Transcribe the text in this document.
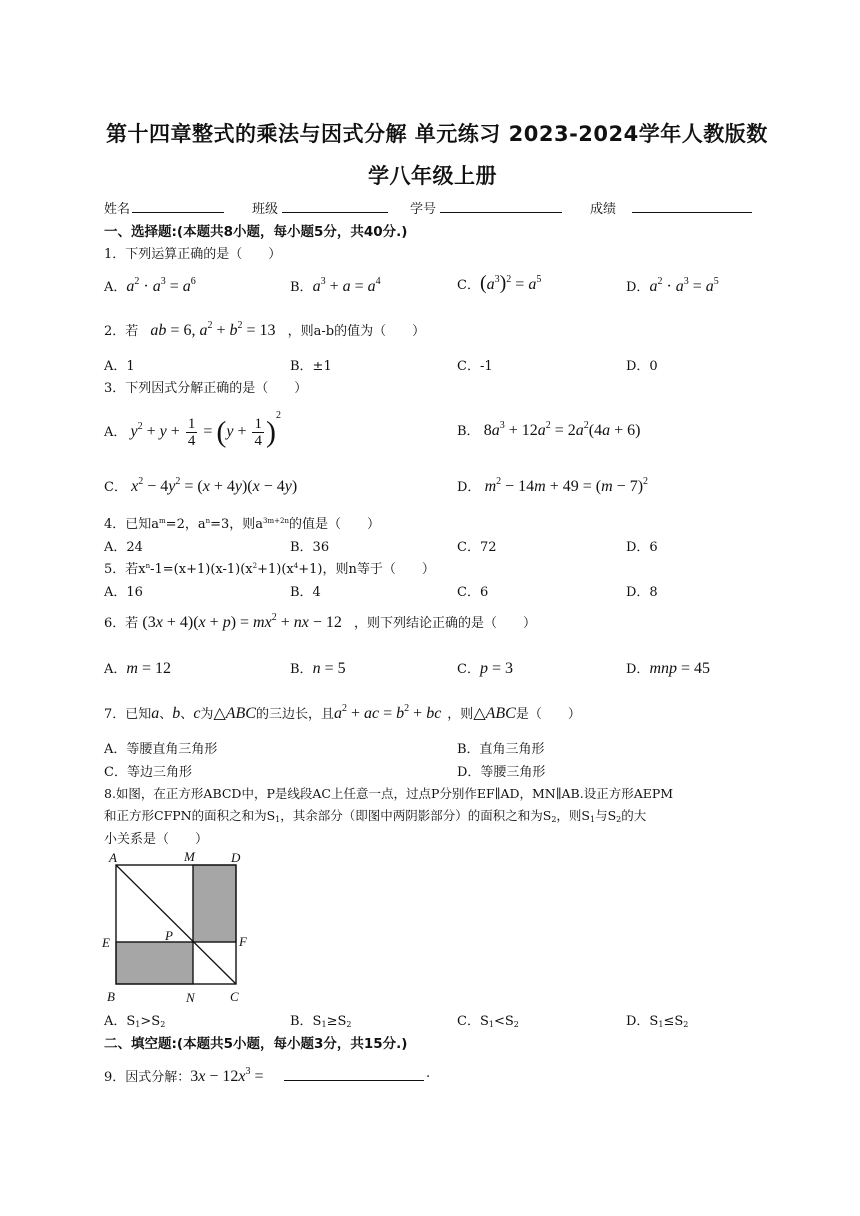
第十四章整式的乘法与因式分解 单元练习 2023-2024学年人教版数
学八年级上册
姓名	班级	学号	成绩
一、选择题:(本题共8小题，每小题5分，共40分.)
1．下列运算正确的是（　　）
A．$a^2 \cdot a^3 = a^6$	B．$a^3 + a = a^4$	C．$(a^3)^2 = a^5$
D．$a^2 \cdot a^3 = a^5$
2．若 ab = 6, $a^2 + b^2 = 13$ ，则a-b的值为（　　）
A．1	B．±1	C．-1	D．0
3．下列因式分解正确的是（　　）
A． $y^2 + y + \frac{1}{4} = (y + \frac{1}{4} )^2$
B． $8a^3 + 12a^2 = 2a^2(4a + 6)$
C． $x^2 - 4y^2 = (x + 4y)(x - 4y)$	D． $m^2 - 14m + 49 = (m - 7)^2$
4．已知$a^m=2$，$a^n=3$，则$a^{3m+2n}$的值是（　　）
A．24	B．36	C．72	D．6
5．若$x^n-1=(x+1)(x-1)(x^2+1)(x^4+1)$，则n等于（　　）
A．16	B．4	C．6	D．8
6．若 $(3x + 4)(x + p) = mx^2$ + nx − 12 ，则下列结论正确的是（　　）
A．m = 12	B．n = 5	C．p = 3	D．mnp = 45
7．已知a、b、c为△ABC的三边长，且$a^2$ + ac = $b^2$ + bc ，则△ABC是（　　）
A．等腰直角三角形	B．直角三角形
C．等边三角形	D．等腰三角形
8.如图，在正方形ABCD中，P是线段AC上任意一点，过点P分别作EF∥AD，MN∥AB.设正方形AEPM
和正方形CFPN的面积之和为$S_1$，其余部分（即图中两阴影部分）的面积之和为$S_2$，则$S_1$与$S_2$的大
小关系是（　　）
A	M	D
E	P	F
B	N	C
A．$S_1>S_2$	B．$S_1\ge S_2$	C．$S_1<S_2$	D．$S_1\le S_2$
二、填空题:(本题共5小题，每小题3分，共15分.)
9．因式分解：$3x - 12x^3$ =	.
